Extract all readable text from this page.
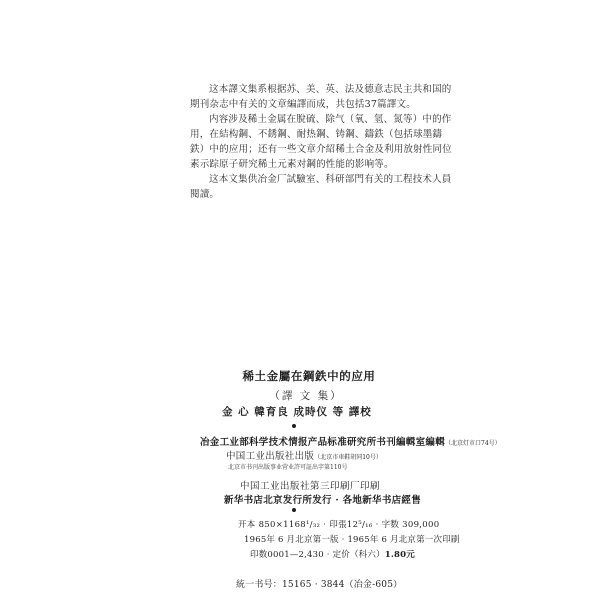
这本譯文集系根据苏、美、英、法及德意志民主共和国的期刊杂志中有关的文章編譯而成，共包括37篇譯文。

内容涉及稀土金属在脫硫、除气（氧、氫、氮等）中的作用，在結构鋼、不銹鋼、耐热鋼、铸鋼、鑄鉄（包括球墨鑄鉄）中的应用；还有一些文章介紹稀土合金及利用放射性同位素示踪原子研究稀土元素对鋼的性能的影响等。

这本文集供冶金厂試驗室、科研部門有关的工程技术人員閱讀。

稀土金屬在鋼鉄中的应用
（譯 文 集）
金 心 韓育良 成時仪 等 譯校
冶金工业部科学技术情报产品标准研究所书刊編輯室編輯（北京灯市口74号）
中国工业出版社出版（北京市車鞋胡同10号）
北京市书刊出版事业营业許可証出字第110号
中国工业出版社第三印刷厂印刷
新华书店北京发行所发行 · 各地新华书店經售
开本 850×1168¹/₃₂ · 印張12⁵/₁₆ · 字数 309,000
1965年 6 月北京第一版 · 1965年 6 月北京第一次印刷
印数0001—2,430 · 定价（科六）1.80元
統一书号：15165 · 3844（冶金-605）
